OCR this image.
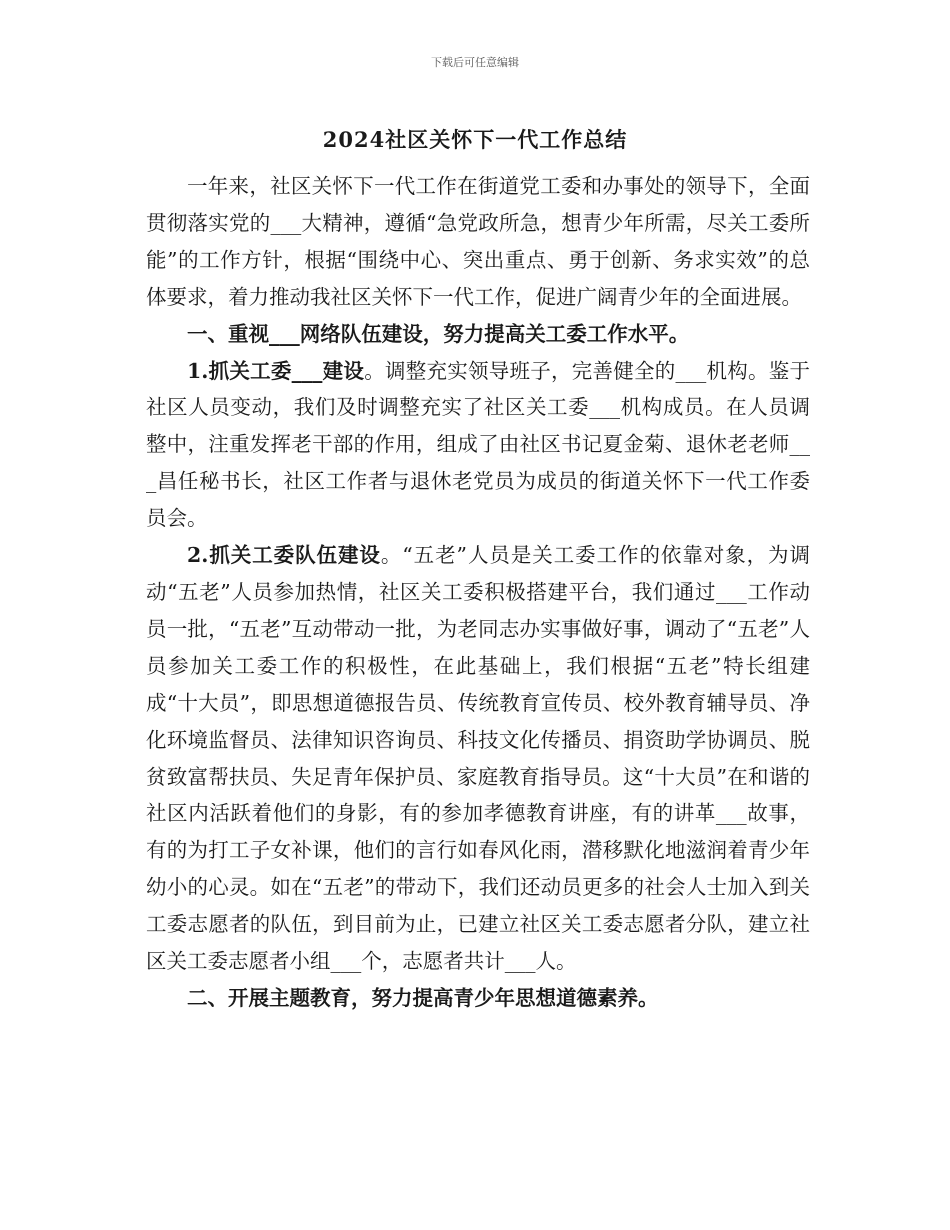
下载后可任意编辑
2024社区关怀下一代工作总结

一年来，社区关怀下一代工作在街道党工委和办事处的领导下，全面贯彻落实党的___大精神，遵循“急党政所急，想青少年所需，尽关工委所能”的工作方针，根据“围绕中心、突出重点、勇于创新、务求实效”的总体要求，着力推动我社区关怀下一代工作，促进广阔青少年的全面进展。

一、重视___网络队伍建设，努力提高关工委工作水平。

1.抓关工委___建设。调整充实领导班子，完善健全的___机构。鉴于社区人员变动，我们及时调整充实了社区关工委___机构成员。在人员调整中，注重发挥老干部的作用，组成了由社区书记夏金菊、退休老老师___昌任秘书长，社区工作者与退休老党员为成员的街道关怀下一代工作委员会。

2.抓关工委队伍建设。“五老”人员是关工委工作的依靠对象，为调动“五老”人员参加热情，社区关工委积极搭建平台，我们通过___工作动员一批，“五老”互动带动一批，为老同志办实事做好事，调动了“五老”人员参加关工委工作的积极性，在此基础上，我们根据“五老”特长组建成“十大员”，即思想道德报告员、传统教育宣传员、校外教育辅导员、净化环境监督员、法律知识咨询员、科技文化传播员、捐资助学协调员、脱贫致富帮扶员、失足青年保护员、家庭教育指导员。这“十大员”在和谐的社区内活跃着他们的身影，有的参加孝德教育讲座，有的讲革___故事，有的为打工子女补课，他们的言行如春风化雨，潜移默化地滋润着青少年幼小的心灵。如在“五老”的带动下，我们还动员更多的社会人士加入到关工委志愿者的队伍，到目前为止，已建立社区关工委志愿者分队，建立社区关工委志愿者小组___个，志愿者共计___人。

二、开展主题教育，努力提高青少年思想道德素养。
